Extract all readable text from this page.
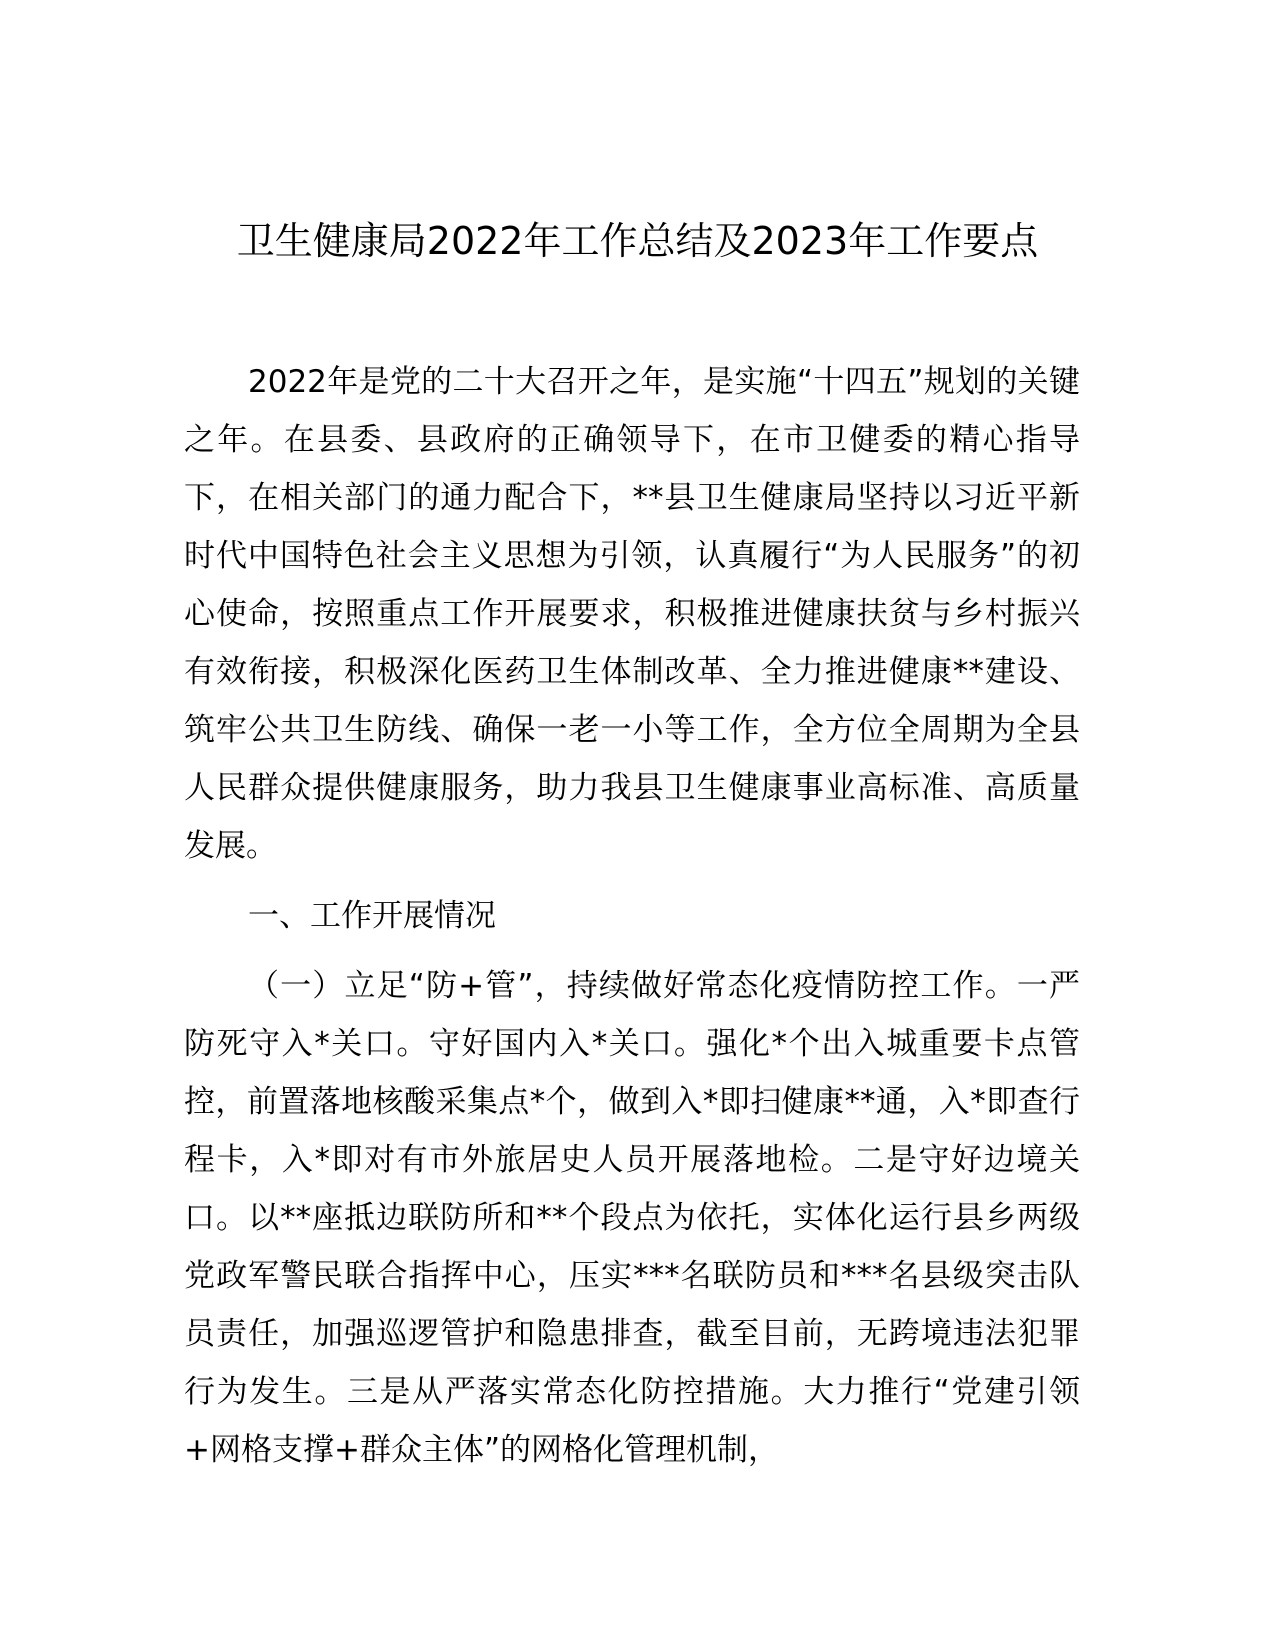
卫生健康局2022年工作总结及2023年工作要点

2022年是党的二十大召开之年，是实施“十四五”规划的关键之年。在县委、县政府的正确领导下，在市卫健委的精心指导下，在相关部门的通力配合下，**县卫生健康局坚持以习近平新时代中国特色社会主义思想为引领，认真履行“为人民服务”的初心使命，按照重点工作开展要求，积极推进健康扶贫与乡村振兴有效衔接，积极深化医药卫生体制改革、全力推进健康**建设、筑牢公共卫生防线、确保一老一小等工作，全方位全周期为全县人民群众提供健康服务，助力我县卫生健康事业高标准、高质量发展。

一、工作开展情况

（一）立足“防+管”，持续做好常态化疫情防控工作。一严防死守入*关口。守好国内入*关口。强化*个出入城重要卡点管控，前置落地核酸采集点*个，做到入*即扫健康**通，入*即查行程卡，入*即对有市外旅居史人员开展落地检。二是守好边境关口。以**座抵边联防所和**个段点为依托，实体化运行县乡两级党政军警民联合指挥中心，压实***名联防员和***名县级突击队员责任，加强巡逻管护和隐患排查，截至目前，无跨境违法犯罪行为发生。三是从严落实常态化防控措施。大力推行“党建引领+网格支撑+群众主体”的网格化管理机制，
